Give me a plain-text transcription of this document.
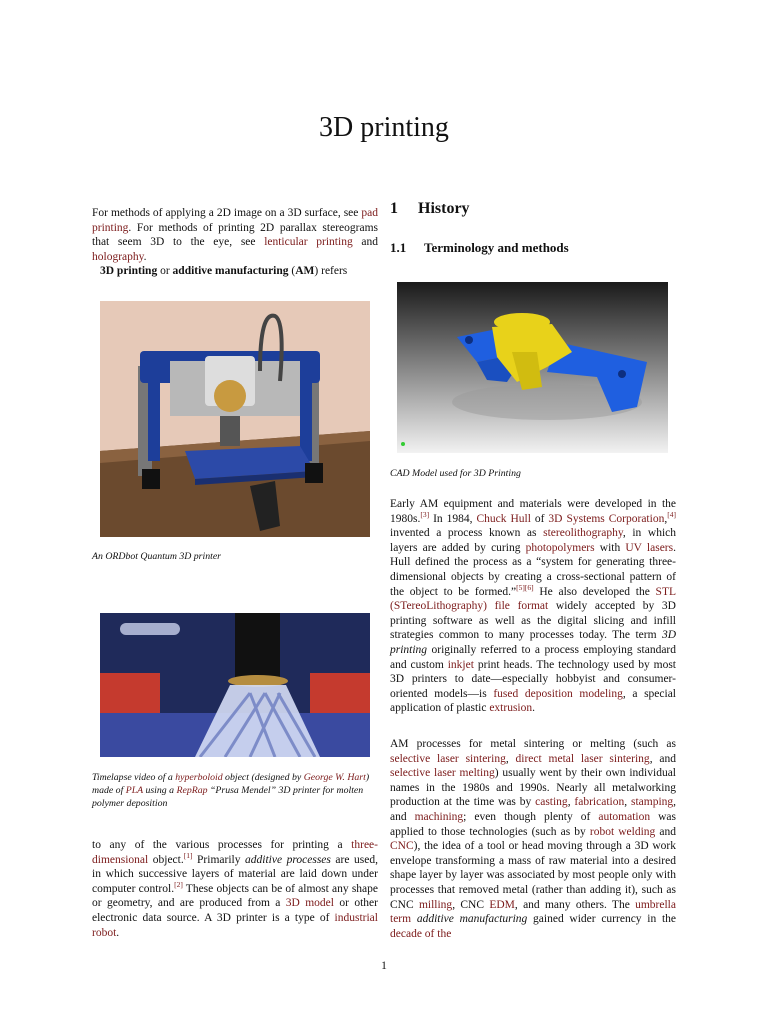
3D printing

For methods of applying a 2D image on a 3D surface, see pad printing. For methods of printing 2D parallax stereograms that seem 3D to the eye, see lenticular printing and holography.

3D printing or additive manufacturing (AM) refers

An ORDbot Quantum 3D printer
Timelapse video of a hyperboloid object (designed by George W. Hart) made of PLA using a RepRap “Prusa Mendel” 3D printer for molten polymer deposition

to any of the various processes for printing a three-dimensional object.[1] Primarily additive processes are used, in which successive layers of material are laid down under computer control.[2] These objects can be of almost any shape or geometry, and are produced from a 3D model or other electronic data source. A 3D printer is a type of industrial robot.

1 History
1.1 Terminology and methods
CAD Model used for 3D Printing

Early AM equipment and materials were developed in the 1980s.[3] In 1984, Chuck Hull of 3D Systems Corporation,[4] invented a process known as stereolithography, in which layers are added by curing photopolymers with UV lasers. Hull defined the process as a “system for generating three-dimensional objects by creating a cross-sectional pattern of the object to be formed.”[5][6] He also developed the STL (STereoLithography) file format widely accepted by 3D printing software as well as the digital slicing and infill strategies common to many processes today. The term 3D printing originally referred to a process employing standard and custom inkjet print heads. The technology used by most 3D printers to date—especially hobbyist and consumer-oriented models—is fused deposition modeling, a special application of plastic extrusion.

AM processes for metal sintering or melting (such as selective laser sintering, direct metal laser sintering, and selective laser melting) usually went by their own individual names in the 1980s and 1990s. Nearly all metalworking production at the time was by casting, fabrication, stamping, and machining; even though plenty of automation was applied to those technologies (such as by robot welding and CNC), the idea of a tool or head moving through a 3D work envelope transforming a mass of raw material into a desired shape layer by layer was associated by most people only with processes that removed metal (rather than adding it), such as CNC milling, CNC EDM, and many others. The umbrella term additive manufacturing gained wider currency in the decade of the

1
